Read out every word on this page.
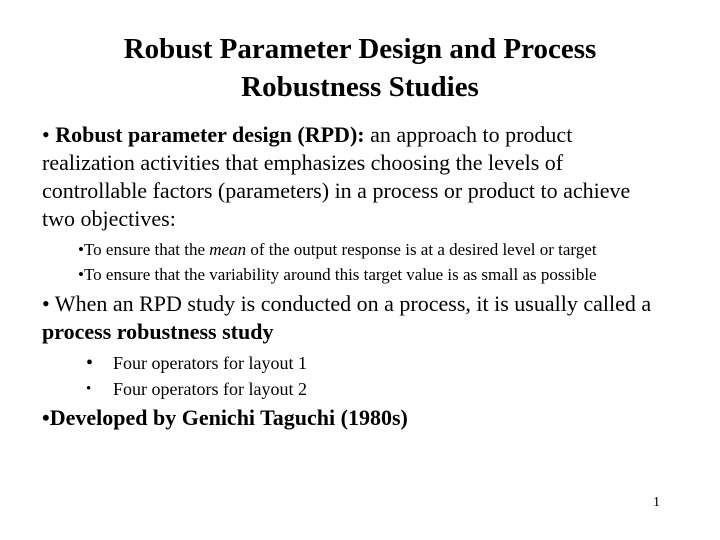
Robust Parameter Design and Process
Robustness Studies
• Robust parameter design (RPD): an approach to product
realization activities that emphasizes choosing the levels of
controllable factors (parameters) in a process or product to achieve
two objectives:
•To ensure that the mean of the output response is at a desired level or target
•To ensure that the variability around this target value is as small as possible
• When an RPD study is conducted on a process, it is usually called a
process robustness study
• Four operators for layout 1
• Four operators for layout 2
•Developed by Genichi Taguchi (1980s)
1
